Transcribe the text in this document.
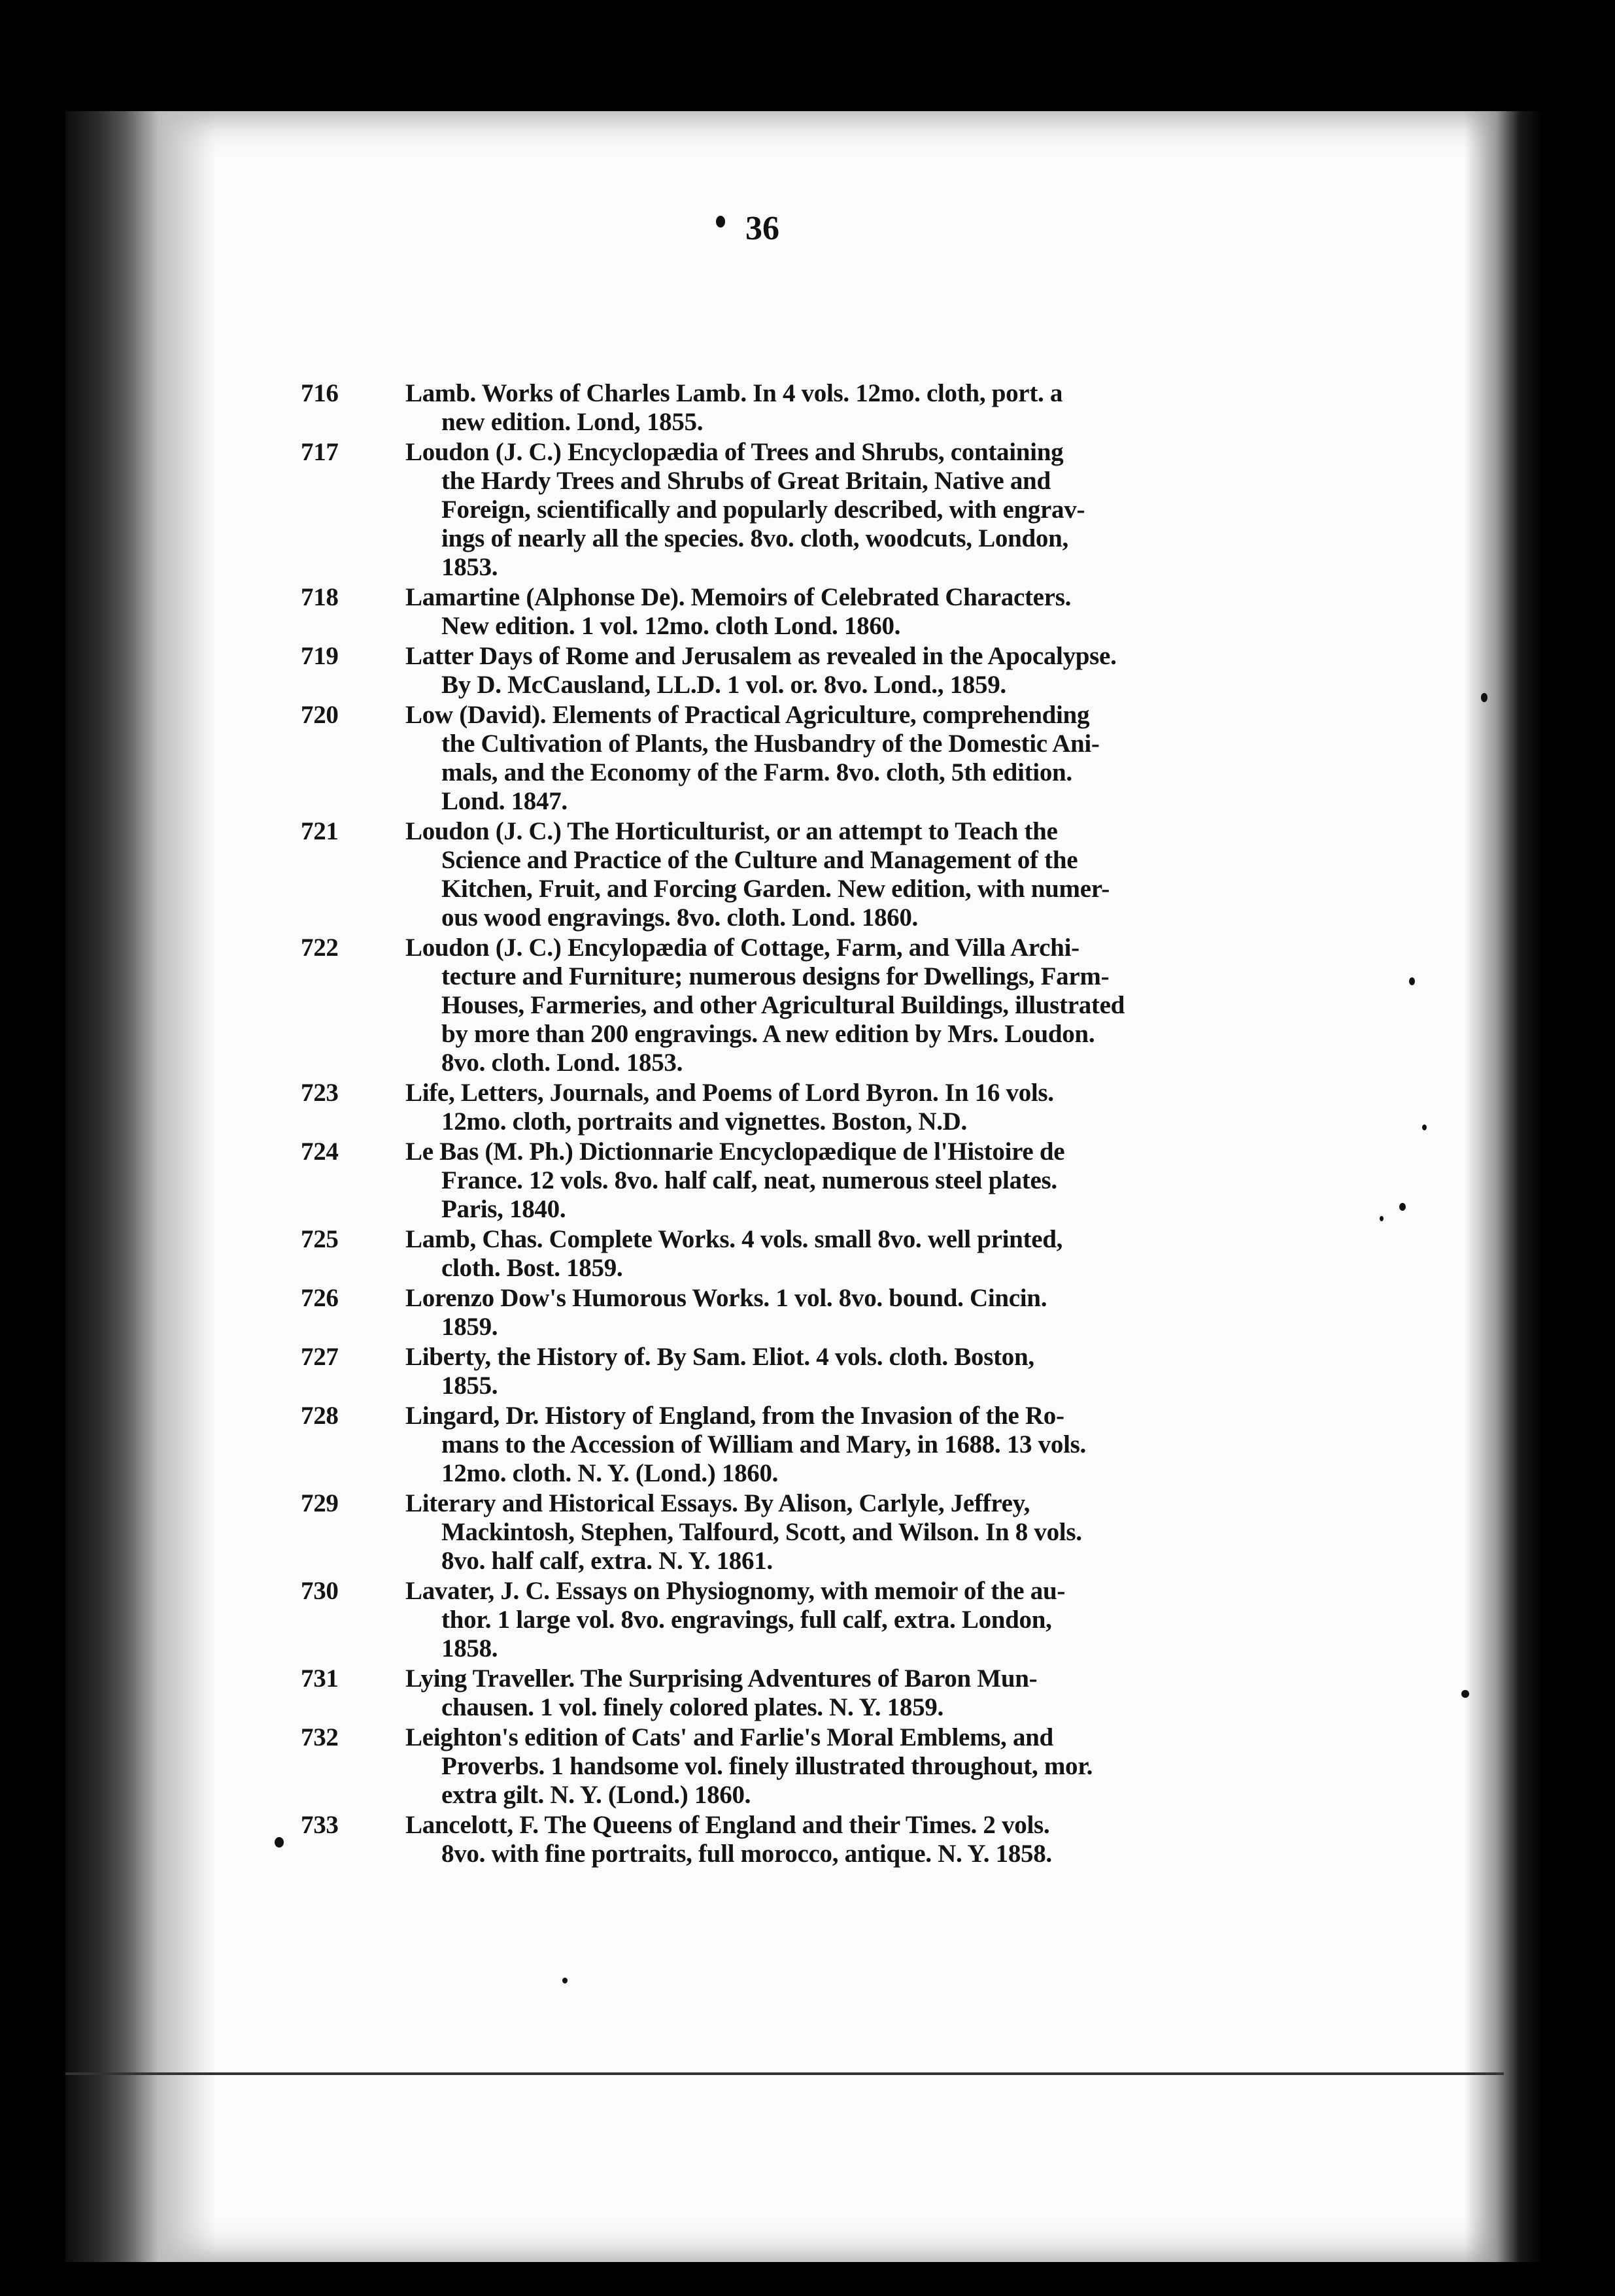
36
716	Lamb. Works of Charles Lamb. In 4 vols. 12mo. cloth, port. a
new edition. Lond, 1855.
717	Loudon (J. C.) Encyclopædia of Trees and Shrubs, containing
the Hardy Trees and Shrubs of Great Britain, Native and
Foreign, scientifically and popularly described, with engrav-
ings of nearly all the species. 8vo. cloth, woodcuts, London,
1853.
718	Lamartine (Alphonse De). Memoirs of Celebrated Characters.
New edition. 1 vol. 12mo. cloth Lond. 1860.
719	Latter Days of Rome and Jerusalem as revealed in the Apocalypse.
By D. McCausland, LL.D. 1 vol. or. 8vo. Lond., 1859.
720	Low (David). Elements of Practical Agriculture, comprehending
the Cultivation of Plants, the Husbandry of the Domestic Ani-
mals, and the Economy of the Farm. 8vo. cloth, 5th edition.
Lond. 1847.
721	Loudon (J. C.) The Horticulturist, or an attempt to Teach the
Science and Practice of the Culture and Management of the
Kitchen, Fruit, and Forcing Garden. New edition, with numer-
ous wood engravings. 8vo. cloth. Lond. 1860.
722	Loudon (J. C.) Encylopædia of Cottage, Farm, and Villa Archi-
tecture and Furniture; numerous designs for Dwellings, Farm-
Houses, Farmeries, and other Agricultural Buildings, illustrated
by more than 200 engravings. A new edition by Mrs. Loudon.
8vo. cloth. Lond. 1853.
723	Life, Letters, Journals, and Poems of Lord Byron. In 16 vols.
12mo. cloth, portraits and vignettes. Boston, N.D.
724	Le Bas (M. Ph.) Dictionnarie Encyclopædique de l'Histoire de
France. 12 vols. 8vo. half calf, neat, numerous steel plates.
Paris, 1840.
725	Lamb, Chas. Complete Works. 4 vols. small 8vo. well printed,
cloth. Bost. 1859.
726	Lorenzo Dow's Humorous Works. 1 vol. 8vo. bound. Cincin.
1859.
727	Liberty, the History of. By Sam. Eliot. 4 vols. cloth. Boston,
1855.
728	Lingard, Dr. History of England, from the Invasion of the Ro-
mans to the Accession of William and Mary, in 1688. 13 vols.
12mo. cloth. N. Y. (Lond.) 1860.
729	Literary and Historical Essays. By Alison, Carlyle, Jeffrey,
Mackintosh, Stephen, Talfourd, Scott, and Wilson. In 8 vols.
8vo. half calf, extra. N. Y. 1861.
730	Lavater, J. C. Essays on Physiognomy, with memoir of the au-
thor. 1 large vol. 8vo. engravings, full calf, extra. London,
1858.
731	Lying Traveller. The Surprising Adventures of Baron Mun-
chausen. 1 vol. finely colored plates. N. Y. 1859.
732	Leighton's edition of Cats' and Farlie's Moral Emblems, and
Proverbs. 1 handsome vol. finely illustrated throughout, mor.
extra gilt. N. Y. (Lond.) 1860.
733	Lancelott, F. The Queens of England and their Times. 2 vols.
8vo. with fine portraits, full morocco, antique. N. Y. 1858.
